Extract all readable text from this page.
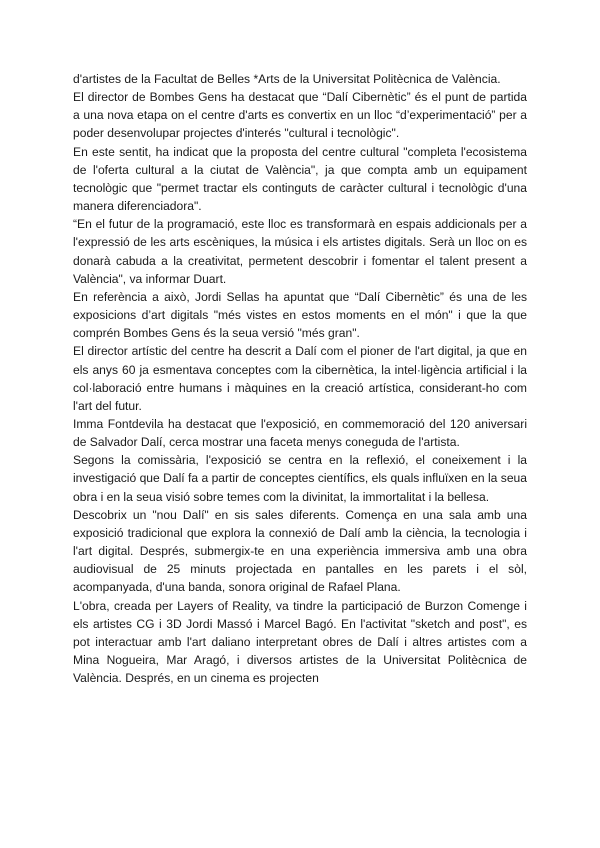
d'artistes de la Facultat de Belles *Arts de la Universitat Politècnica de València.

El director de Bombes Gens ha destacat que “Dalí Cibernètic” és el punt de partida a una nova etapa on el centre d'arts es convertix en un lloc “d’experimentació” per a poder desenvolupar projectes d'interés "cultural i tecnològic".

En este sentit, ha indicat que la proposta del centre cultural "completa l'ecosistema de l'oferta cultural a la ciutat de València", ja que compta amb un equipament tecnològic que "permet tractar els continguts de caràcter cultural i tecnològic d'una manera diferenciadora".

“En el futur de la programació, este lloc es transformarà en espais addicionals per a l'expressió de les arts escèniques, la música i els artistes digitals. Serà un lloc on es donarà cabuda a la creativitat, permetent descobrir i fomentar el talent present a València", va informar Duart.

En referència a això, Jordi Sellas ha apuntat que “Dalí Cibernètic” és una de les exposicions d’art digitals "més vistes en estos moments en el món" i que la que comprén Bombes Gens és la seua versió "més gran".

El director artístic del centre ha descrit a Dalí com el pioner de l'art digital, ja que en els anys 60 ja esmentava conceptes com la cibernètica, la intel·ligència artificial i la col·laboració entre humans i màquines en la creació artística, considerant-ho com l'art del futur.

Imma Fontdevila ha destacat que l'exposició, en commemoració del 120 aniversari de Salvador Dalí, cerca mostrar una faceta menys coneguda de l'artista.

Segons la comissària, l'exposició se centra en la reflexió, el coneixement i la investigació que Dalí fa a partir de conceptes científics, els quals influïxen en la seua obra i en la seua visió sobre temes com la divinitat, la immortalitat i la bellesa.

Descobrix un "nou Dalí" en sis sales diferents. Comença en una sala amb una exposició tradicional que explora la connexió de Dalí amb la ciència, la tecnologia i l'art digital. Després, submergix-te en una experiència immersiva amb una obra audiovisual de 25 minuts projectada en pantalles en les parets i el sòl, acompanyada, d'una banda, sonora original de Rafael Plana.

L'obra, creada per Layers of Reality, va tindre la participació de Burzon Comenge i els artistes CG i 3D Jordi Massó i Marcel Bagó. En l'activitat "sketch and post", es pot interactuar amb l'art daliano interpretant obres de Dalí i altres artistes com a Mina Nogueira, Mar Aragó, i diversos artistes de la Universitat Politècnica de València. Després, en un cinema es projecten
